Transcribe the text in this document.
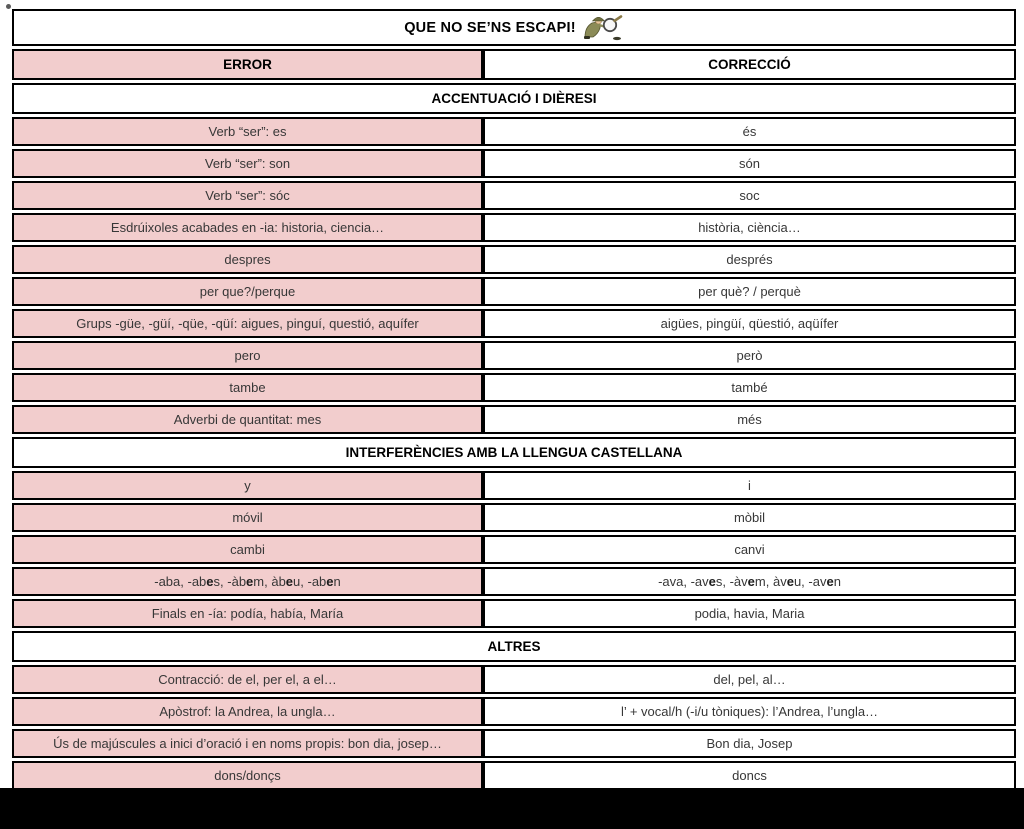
QUE NO SE’NS ESCAPI!	

ERROR	CORRECCIÓ
ACCENTUACIÓ I DIÈRESI	
Verb “ser”: es	és
Verb “ser”: son	són
Verb “ser”: sóc	soc
Esdrúixoles acabades en -ia: historia, ciencia…	història, ciència…
despres	després
per que?/perque	per què? / perquè
Grups -güe, -güí, -qüe, -qüí: aigues, pinguí, questió, aquífer	aigües, pingüí, qüestió, aqüífer
pero	però
tambe	també
Adverbi de quantitat: mes	més
INTERFERÈNCIES AMB LA LLENGUA CASTELLANA	
y	i
móvil	mòbil
cambi	canvi
-aba, -abes, -àbem, àbeu, -aben	-ava, -aves, -àvem, àveu, -aven
Finals en -ía: podía, había, María	podia, havia, Maria
ALTRES	
Contracció: de el, per el, a el…	del, pel, al…
Apòstrof: la Andrea, la ungla…	l’ + vocal/h (-i/u tòniques): l’Andrea, l’ungla…
Ús de majúscules a inici d’oració i en noms propis: bon dia, josep…	Bon dia, Josep
dons/donçs	doncs
